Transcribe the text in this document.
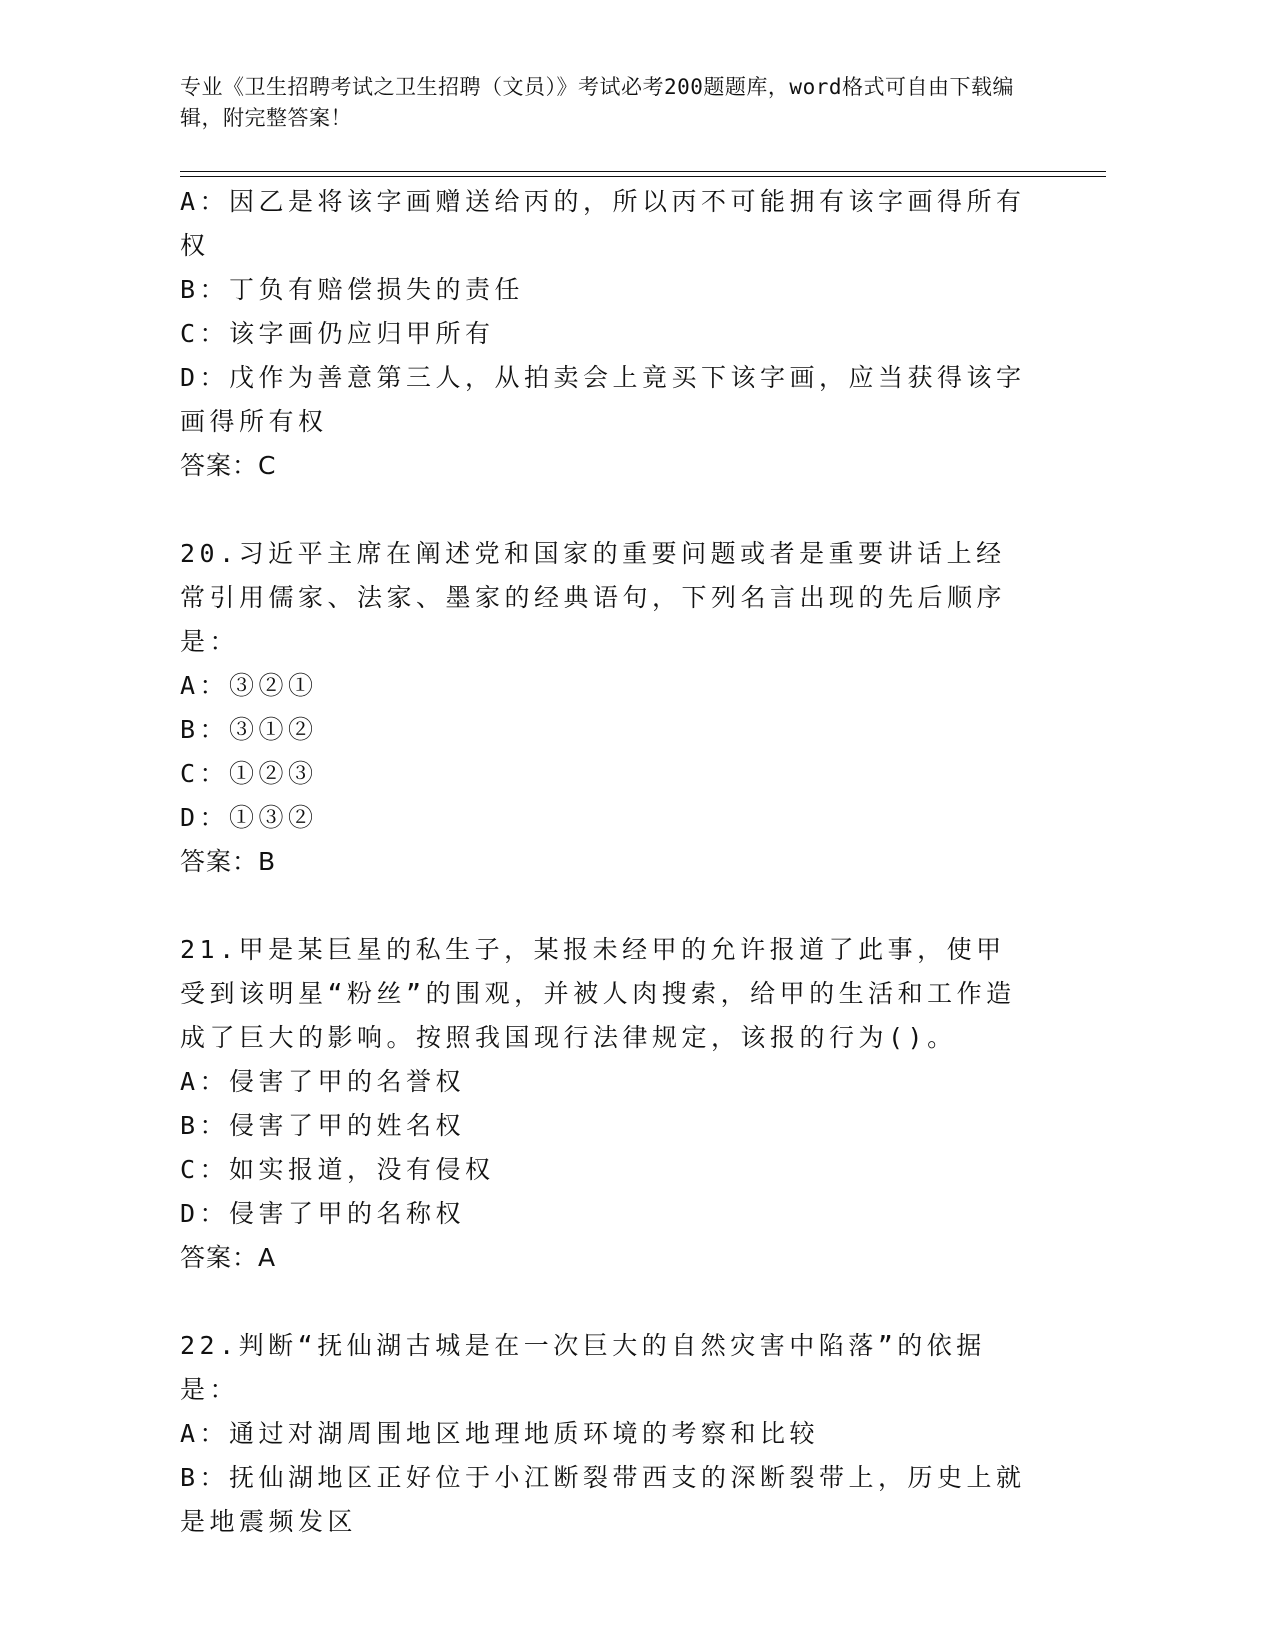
专业《卫生招聘考试之卫生招聘（文员）》考试必考200题题库，word格式可自由下载编辑，附完整答案！
A：因乙是将该字画赠送给丙的，所以丙不可能拥有该字画得所有权
B：丁负有赔偿损失的责任
C：该字画仍应归甲所有
D：戊作为善意第三人，从拍卖会上竟买下该字画，应当获得该字画得所有权
答案：C
20.习近平主席在阐述党和国家的重要问题或者是重要讲话上经常引用儒家、法家、墨家的经典语句，下列名言出现的先后顺序是：
A：③②①
B：③①②
C：①②③
D：①③②
答案：B
21.甲是某巨星的私生子，某报未经甲的允许报道了此事，使甲受到该明星“粉丝”的围观，并被人肉搜索，给甲的生活和工作造成了巨大的影响。按照我国现行法律规定，该报的行为()。
A：侵害了甲的名誉权
B：侵害了甲的姓名权
C：如实报道，没有侵权
D：侵害了甲的名称权
答案：A
22.判断“抚仙湖古城是在一次巨大的自然灾害中陷落”的依据是：
A：通过对湖周围地区地理地质环境的考察和比较
B：抚仙湖地区正好位于小江断裂带西支的深断裂带上，历史上就是地震频发区
